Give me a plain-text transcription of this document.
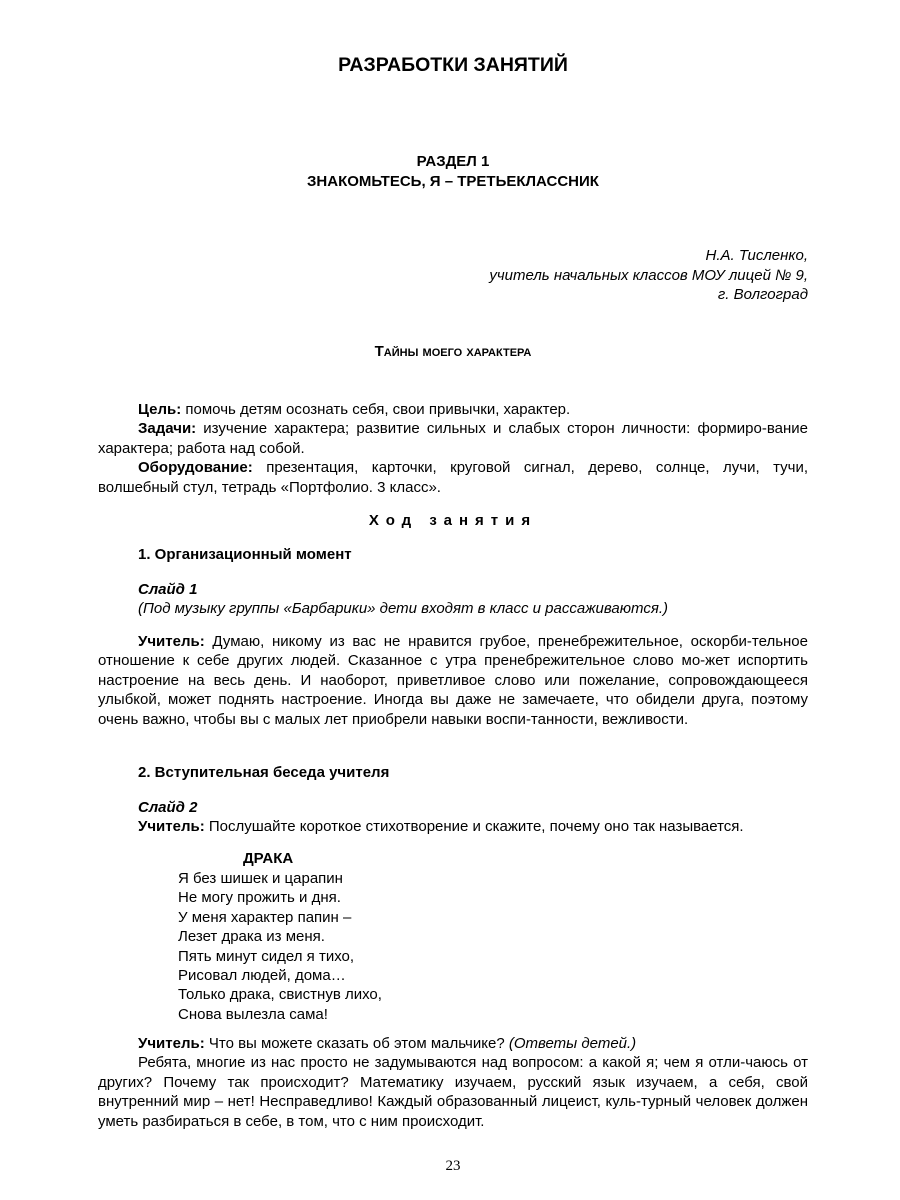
РАЗРАБОТКИ ЗАНЯТИЙ
РАЗДЕЛ 1
ЗНАКОМЬТЕСЬ, Я – ТРЕТЬЕКЛАССНИК
Н.А. Тисленко,
учитель начальных классов МОУ лицей № 9,
г. Волгоград
Тайны моего характера

Цель: помочь детям осознать себя, свои привычки, характер.

Задачи: изучение характера; развитие сильных и слабых сторон личности: формиро-вание характера; работа над собой.

Оборудование: презентация, карточки, круговой сигнал, дерево, солнце, лучи, тучи, волшебный стул, тетрадь «Портфолио. 3 класс».

Ход занятия

1. Организационный момент

Слайд 1

(Под музыку группы «Барбарики» дети входят в класс и рассаживаются.)

Учитель: Думаю, никому из вас не нравится грубое, пренебрежительное, оскорби-тельное отношение к себе других людей. Сказанное с утра пренебрежительное слово мо-жет испортить настроение на весь день. И наоборот, приветливое слово или пожелание, сопровождающееся улыбкой, может поднять настроение. Иногда вы даже не замечаете, что обидели друга, поэтому очень важно, чтобы вы с малых лет приобрели навыки воспи-танности, вежливости.

2. Вступительная беседа учителя

Слайд 2

Учитель: Послушайте короткое стихотворение и скажите, почему оно так называется.

ДРАКА
Я без шишек и царапин
Не могу прожить и дня.
У меня характер папин –
Лезет драка из меня.
Пять минут сидел я тихо,
Рисовал людей, дома…
Только драка, свистнув лихо,
Снова вылезла сама!

Учитель: Что вы можете сказать об этом мальчике? (Ответы детей.)

Ребята, многие из нас просто не задумываются над вопросом: а какой я; чем я отли-чаюсь от других? Почему так происходит? Математику изучаем, русский язык изучаем, а себя, свой внутренний мир – нет! Несправедливо! Каждый образованный лицеист, куль-турный человек должен уметь разбираться в себе, в том, что с ним происходит.

23
